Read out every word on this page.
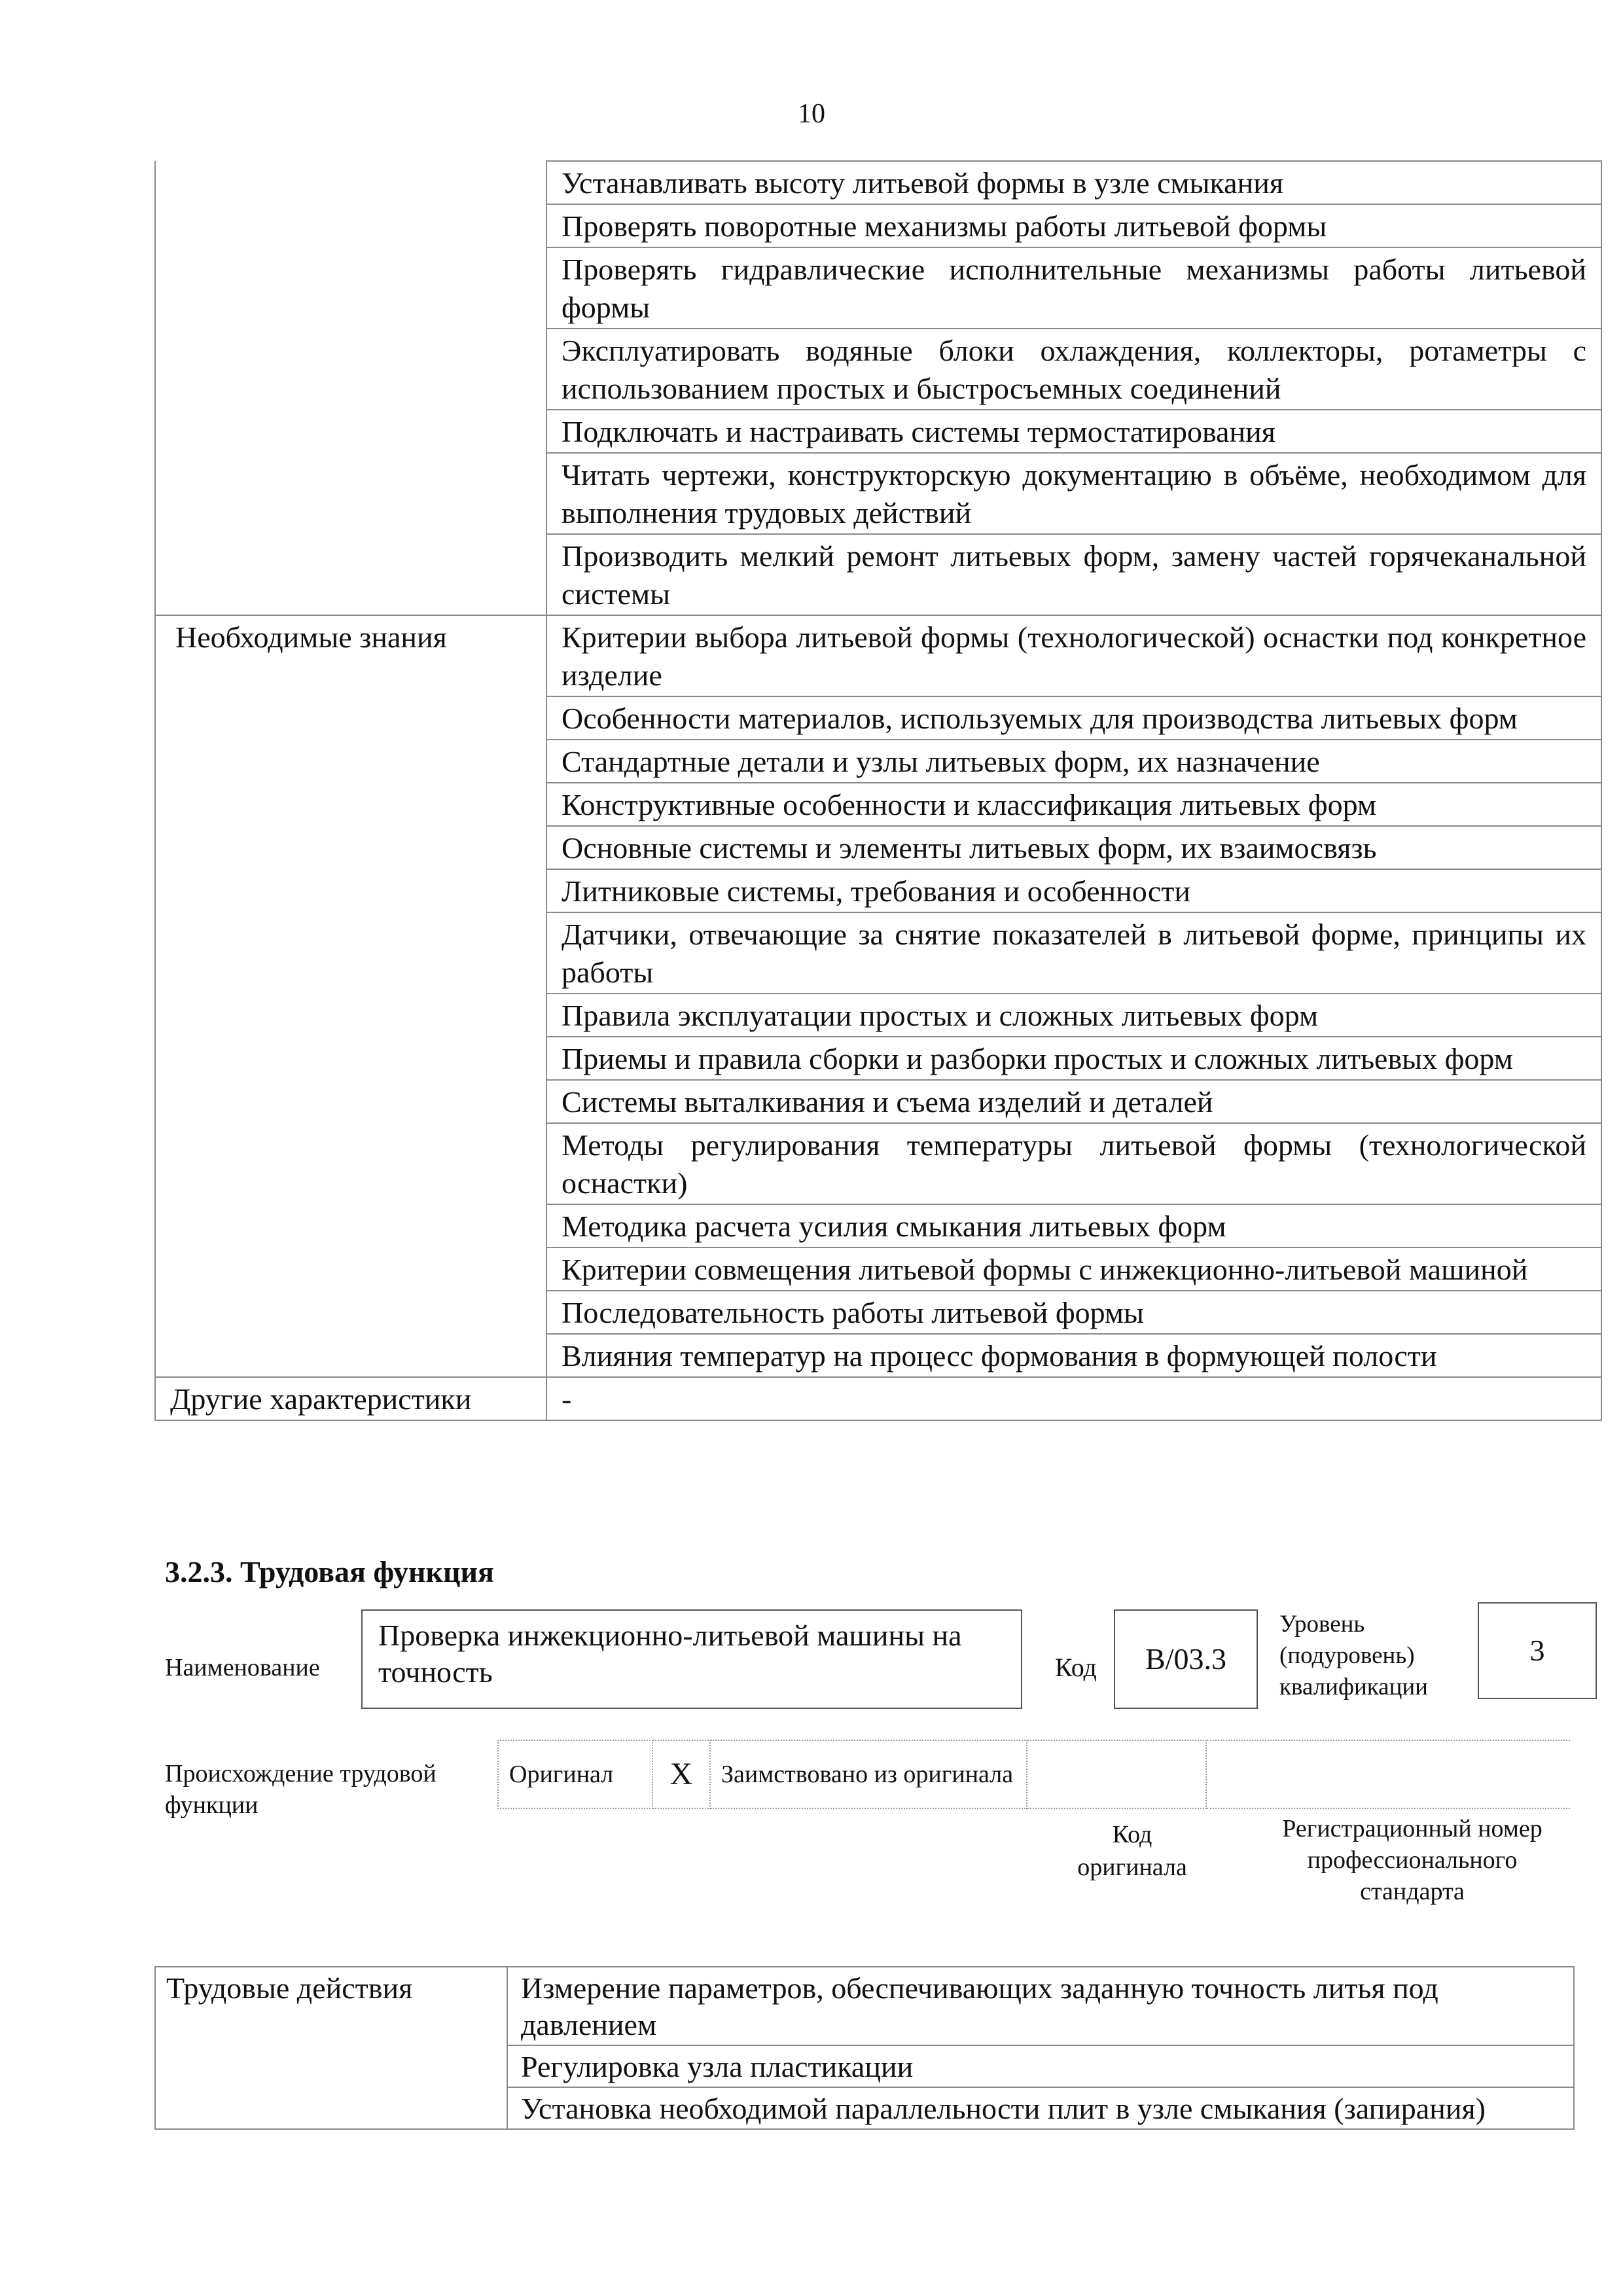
10
	Устанавливать высоту литьевой формы в узле смыкания
	Проверять поворотные механизмы работы литьевой формы
	Проверять гидравлические исполнительные механизмы работы литьевой формы
	Эксплуатировать водяные блоки охлаждения, коллекторы, ротаметры с использованием простых и быстросъемных соединений
	Подключать и настраивать системы термостатирования
	Читать чертежи, конструкторскую документацию в объёме, необходимом для выполнения трудовых действий
	Производить мелкий ремонт литьевых форм, замену частей горячеканальной системы
Необходимые знания	Критерии выбора литьевой формы (технологической) оснастки под конкретное изделие
	Особенности материалов, используемых для производства литьевых форм
	Стандартные детали и узлы литьевых форм, их назначение
	Конструктивные особенности и классификация литьевых форм
	Основные системы и элементы литьевых форм, их взаимосвязь
	Литниковые системы, требования и особенности
	Датчики, отвечающие за снятие показателей в литьевой форме, принципы их работы
	Правила эксплуатации простых и сложных литьевых форм
	Приемы и правила сборки и разборки простых и сложных литьевых форм
	Системы выталкивания и съема изделий и деталей
	Методы регулирования температуры литьевой формы (технологической оснастки)
	Методика расчета усилия смыкания литьевых форм
	Критерии совмещения литьевой формы с инжекционно-литьевой машиной
	Последовательность работы литьевой формы
	Влияния температур на процесс формования в формующей полости
Другие характеристики	-
3.2.3. Трудовая функция
Наименование
Проверка инжекционно-литьевой машины на точность	Код B/03.3
Уровень (подуровень) квалификации
3
Происхождение трудовой функции
Оригинал	X	Заимствовано из оригинала		
Код оригинала
Регистрационный номер профессионального стандарта
Трудовые действия	Измерение параметров, обеспечивающих заданную точность литья под давлением
Регулировка узла пластикации
Установка необходимой параллельности плит в узле смыкания (запирания)
